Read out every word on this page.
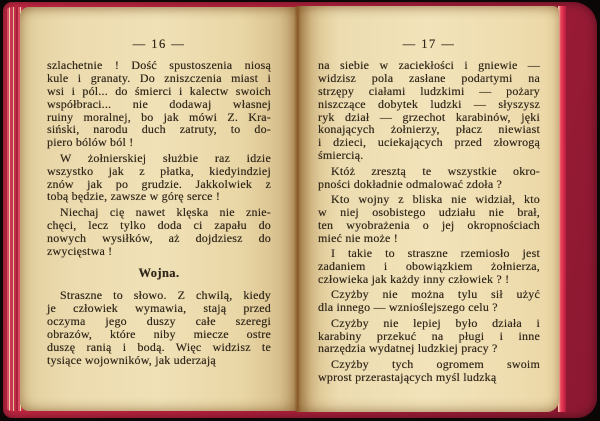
— 16 —
szlachetnie ! Dość spustoszenia niosą
kule i granaty. Do zniszczenia miast i
wsi i pól... do śmierci i kalectw swoich
współbraci... nie dodawaj własnej
ruiny moralnej, bo jak mówi Z. Kra-
siński, narodu duch zatruty, to do-
piero bólów ból !
W żołnierskiej służbie raz idzie
wszystko jak z płatka, kiedyindziej
znów jak po grudzie. Jakkolwiek z
tobą będzie, zawsze w górę serce !
Niechaj cię nawet klęska nie znie-
chęci, lecz tylko doda ci zapału do
nowych wysiłków, aż dojdziesz do
zwycięstwa !
Wojna.
Straszne to słowo. Z chwilą, kiedy
je człowiek wymawia, stają przed
oczyma jego duszy całe szeregi
obrazów, które niby miecze ostre
duszę ranią i bodą. Więc widzisz te
tysiące wojowników, jak uderzają
— 17 —
na siebie w zaciekłości i gniewie —
widzisz pola zasłane podartymi na
strzępy ciałami ludzkimi — pożary
niszczące dobytek ludzki — słyszysz
ryk dział — grzechot karabinów, jęki
konających żołnierzy, płacz niewiast
i dzieci, uciekających przed złowrogą
śmiercią.
Któż zresztą te wszystkie okro-
pności dokładnie odmalować zdoła ?
Kto wojny z bliska nie widział, kto
w niej osobistego udziału nie brał,
ten wyobrażenia o jej okropnościach
mieć nie może !
I takie to straszne rzemiosło jest
zadaniem i obowiązkiem żołnierza,
człowieka jak każdy inny człowiek ? !
Czyżby nie można tylu sił użyć
dla innego — wznioślejszego celu ?
Czyżby nie lepiej było działa i
karabiny przekuć na pługi i inne
narzędzia wydatnej ludzkiej pracy ?
Czyżby tych ogromem swoim
wprost przerastających myśl ludzką
